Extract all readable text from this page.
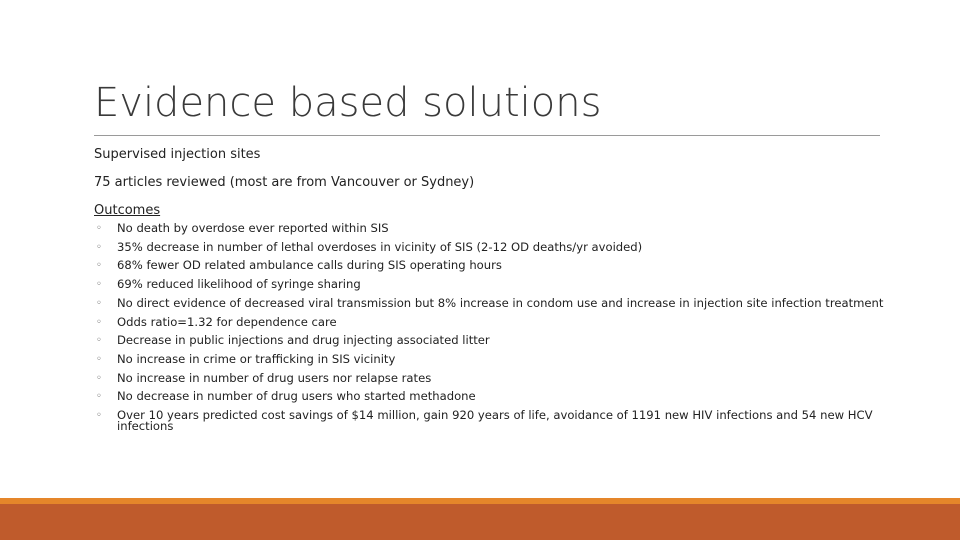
Evidence based solutions
Supervised injection sites
75 articles reviewed (most are from Vancouver or Sydney)
Outcomes
◦ No death by overdose ever reported within SIS
◦ 35% decrease in number of lethal overdoses in vicinity of SIS (2-12 OD deaths/yr avoided)
◦ 68% fewer OD related ambulance calls during SIS operating hours
◦ 69% reduced likelihood of syringe sharing
◦ No direct evidence of decreased viral transmission but 8% increase in condom use and increase in injection site infection treatment
◦ Odds ratio=1.32 for dependence care
◦ Decrease in public injections and drug injecting associated litter
◦ No increase in crime or trafficking in SIS vicinity
◦ No increase in number of drug users nor relapse rates
◦ No decrease in number of drug users who started methadone
◦ Over 10 years predicted cost savings of $14 million, gain 920 years of life, avoidance of 1191 new HIV infections and 54 new HCV infections
